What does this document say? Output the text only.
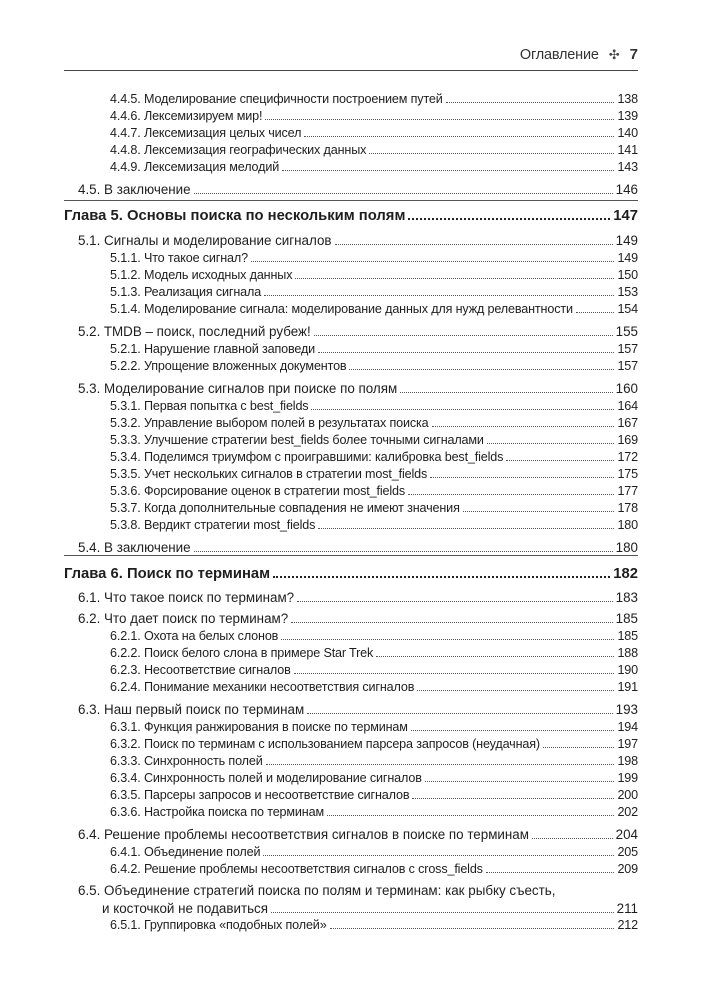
Оглавление ✣ 7
4.4.5. Моделирование специфичности построением путей	138
4.4.6. Лексемизируем мир!	139
4.4.7. Лексемизация целых чисел	140
4.4.8. Лексемизация географических данных	141
4.4.9. Лексемизация мелодий	143
4.5. В заключение	146
Глава 5. Основы поиска по нескольким полям	147
5.1. Сигналы и моделирование сигналов	149
5.1.1. Что такое сигнал?	149
5.1.2. Модель исходных данных	150
5.1.3. Реализация сигнала	153
5.1.4. Моделирование сигнала: моделирование данных для нужд релевантности	154
5.2. TMDB – поиск, последний рубеж!	155
5.2.1. Нарушение главной заповеди	157
5.2.2. Упрощение вложенных документов	157
5.3. Моделирование сигналов при поиске по полям	160
5.3.1. Первая попытка с best_fields	164
5.3.2. Управление выбором полей в результатах поиска	167
5.3.3. Улучшение стратегии best_fields более точными сигналами	169
5.3.4. Поделимся триумфом с проигравшими: калибровка best_fields	172
5.3.5. Учет нескольких сигналов в стратегии most_fields	175
5.3.6. Форсирование оценок в стратегии most_fields	177
5.3.7. Когда дополнительные совпадения не имеют значения	178
5.3.8. Вердикт стратегии most_fields	180
5.4. В заключение	180
Глава 6. Поиск по терминам	182
6.1. Что такое поиск по терминам?	183
6.2. Что дает поиск по терминам?	185
6.2.1. Охота на белых слонов	185
6.2.2. Поиск белого слона в примере Star Trek	188
6.2.3. Несоответствие сигналов	190
6.2.4. Понимание механики несоответствия сигналов	191
6.3. Наш первый поиск по терминам	193
6.3.1. Функция ранжирования в поиске по терминам	194
6.3.2. Поиск по терминам с использованием парсера запросов (неудачная)	197
6.3.3. Синхронность полей	198
6.3.4. Синхронность полей и моделирование сигналов	199
6.3.5. Парсеры запросов и несоответствие сигналов	200
6.3.6. Настройка поиска по терминам	202
6.4. Решение проблемы несоответствия сигналов в поиске по терминам	204
6.4.1. Объединение полей	205
6.4.2. Решение проблемы несоответствия сигналов с cross_fields	209
6.5. Объединение стратегий поиска по полям и терминам: как рыбку съесть,
и косточкой не подавиться	211
6.5.1. Группировка «подобных полей»	212
